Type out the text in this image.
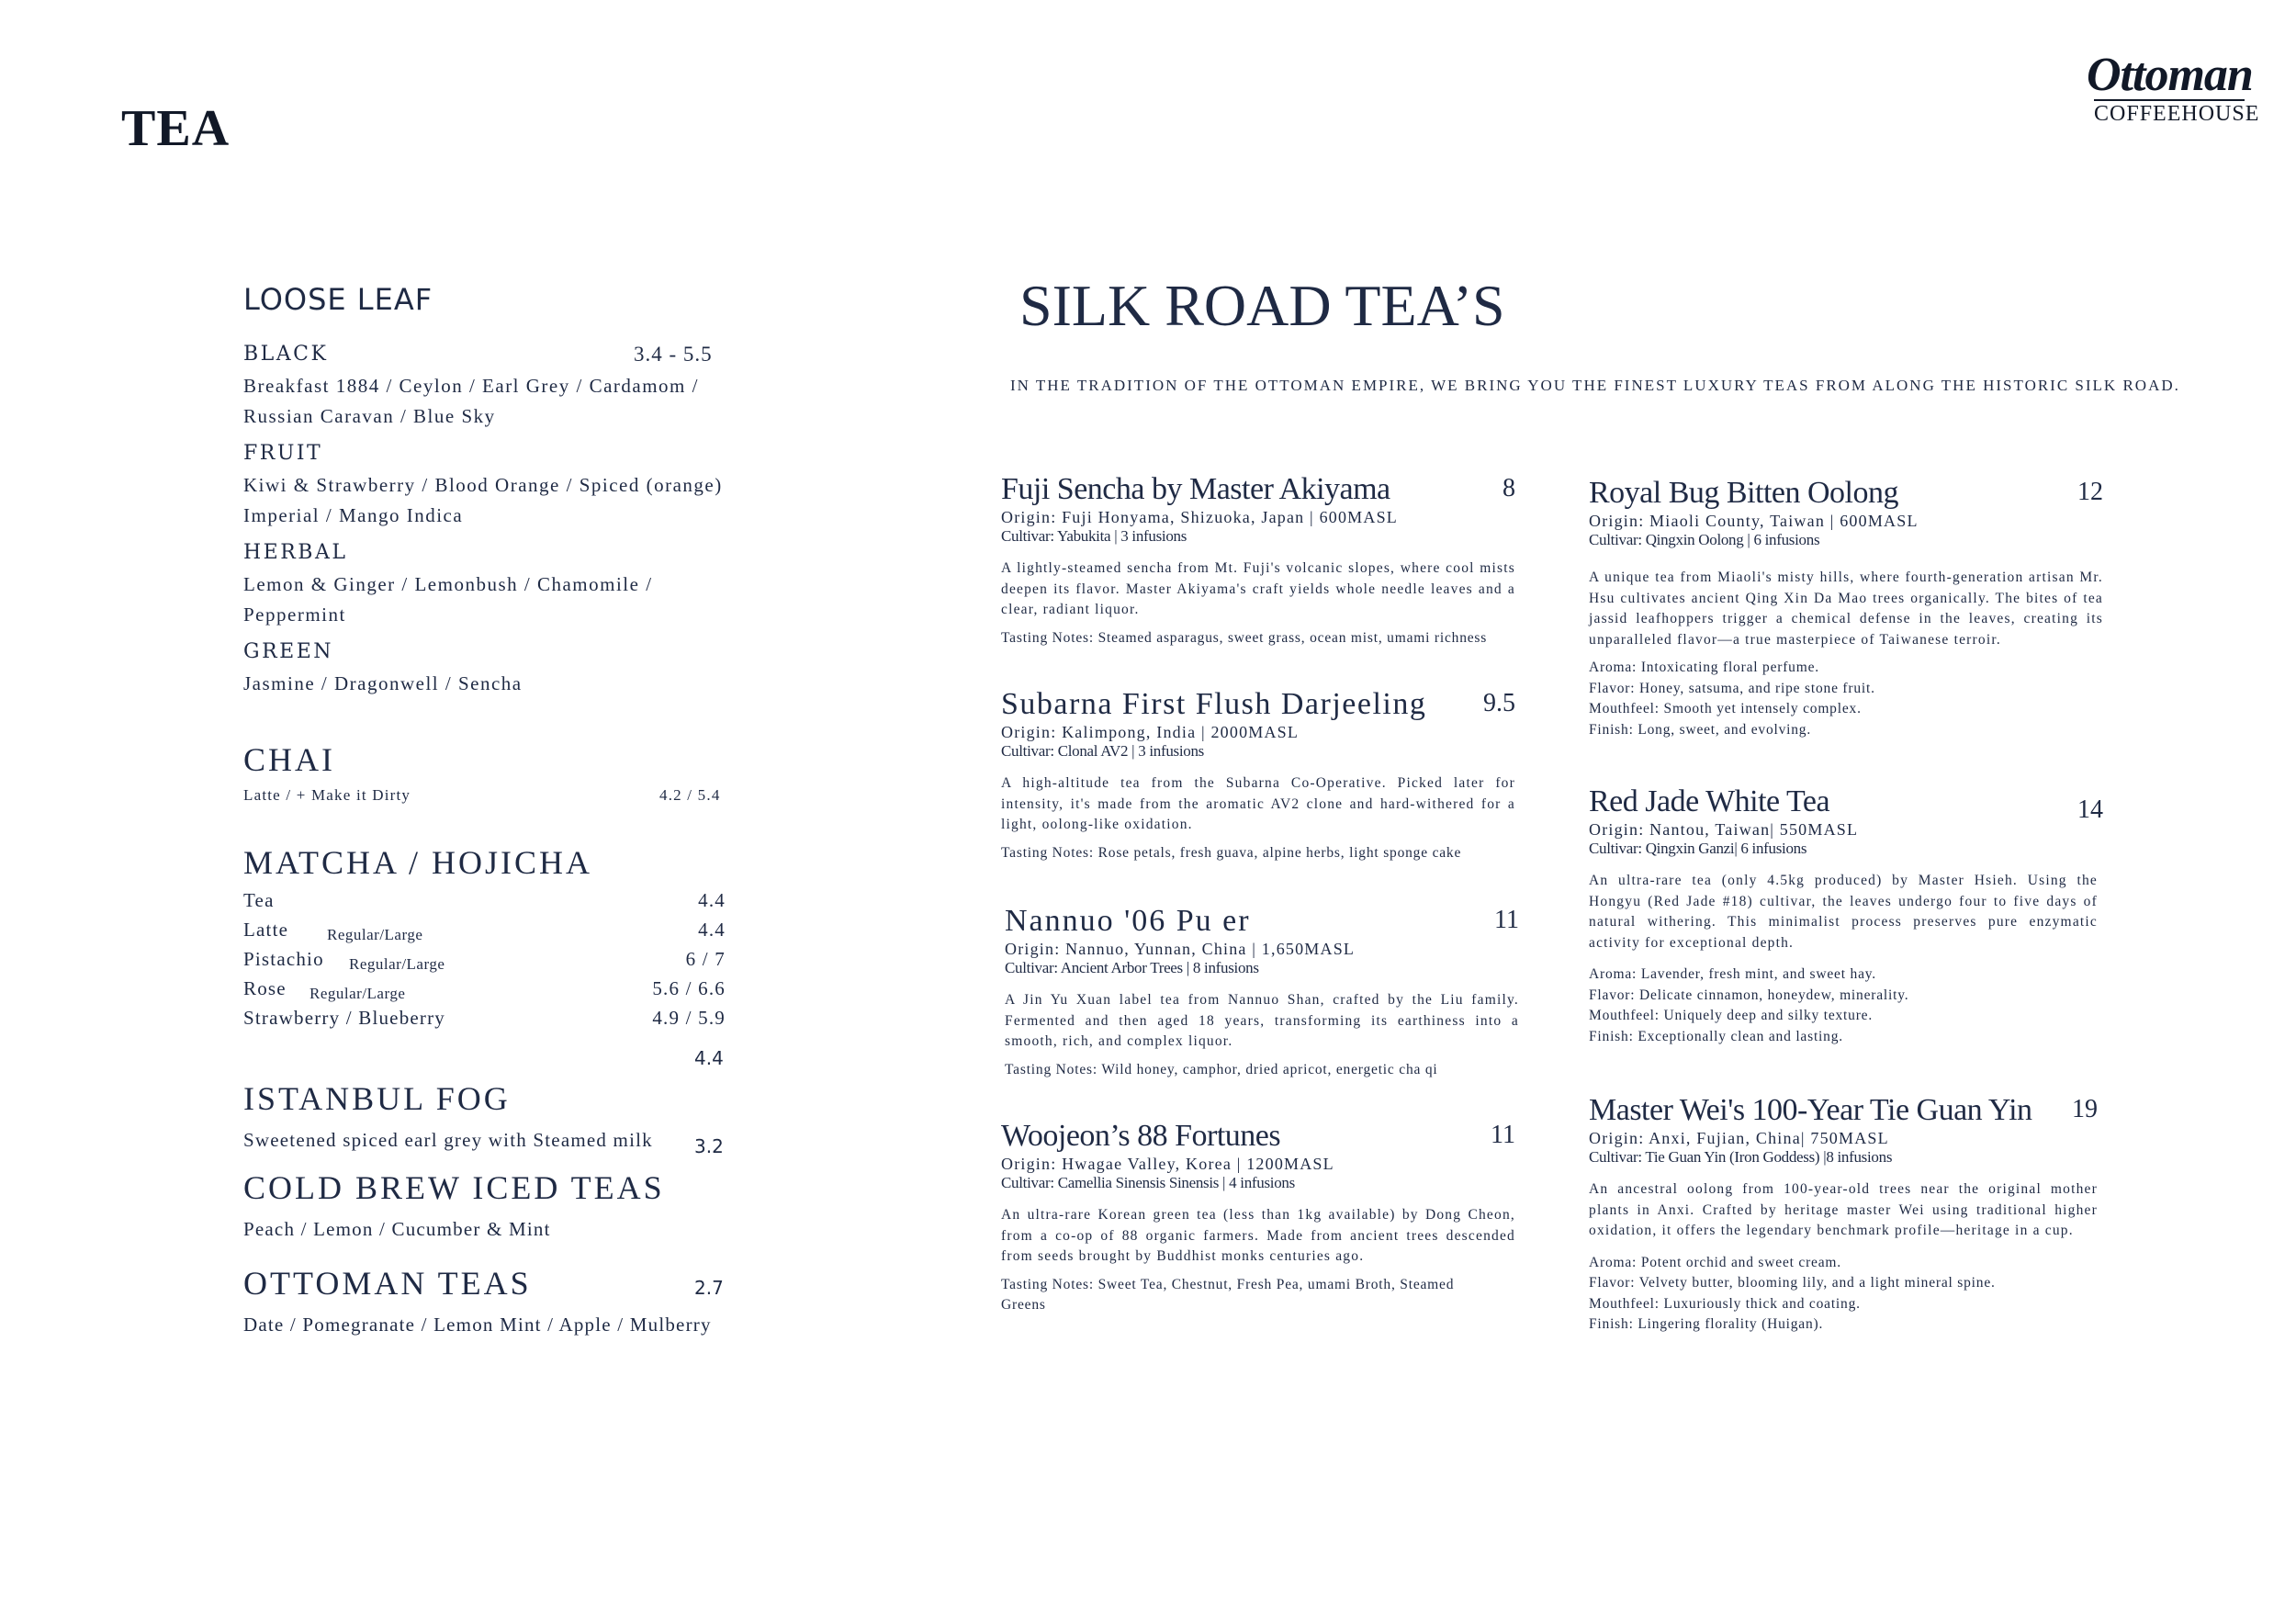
TEA
Ottoman
COFFEEHOUSE
LOOSE LEAF
BLACK	3.4 - 5.5
Breakfast 1884 / Ceylon / Earl Grey / Cardamom / Russian Caravan / Blue Sky
FRUIT
Kiwi & Strawberry / Blood Orange / Spiced (orange) Imperial / Mango Indica
HERBAL
Lemon & Ginger / Lemonbush / Chamomile / Peppermint
GREEN
Jasmine / Dragonwell / Sencha
CHAI
Latte / + Make it Dirty	4.2 / 5.4
MATCHA / HOJICHA
Tea	4.4
Latte Regular/Large	4.4
Pistachio Regular/Large	6 / 7
Rose Regular/Large	5.6 / 6.6
Strawberry / Blueberry	4.9 / 5.9
4.4
ISTANBUL FOG
Sweetened spiced earl grey with Steamed milk 3.2
COLD BREW ICED TEAS
Peach / Lemon / Cucumber & Mint
OTTOMAN TEAS	2.7
Date / Pomegranate / Lemon Mint / Apple / Mulberry
SILK ROAD TEA’S
IN THE TRADITION OF THE OTTOMAN EMPIRE, WE BRING YOU THE FINEST LUXURY TEAS FROM ALONG THE HISTORIC SILK ROAD.
Fuji Sencha by Master Akiyama	8
Origin: Fuji Honyama, Shizuoka, Japan | 600MASL
Cultivar: Yabukita | 3 infusions
A lightly-steamed sencha from Mt. Fuji's volcanic slopes, where cool mists deepen its flavor. Master Akiyama's craft yields whole needle leaves and a clear, radiant liquor.
Tasting Notes: Steamed asparagus, sweet grass, ocean mist, umami richness
Subarna First Flush Darjeeling	9.5
Origin: Kalimpong, India | 2000MASL
Cultivar: Clonal AV2 | 3 infusions
A high-altitude tea from the Subarna Co-Operative. Picked later for intensity, it's made from the aromatic AV2 clone and hard-withered for a light, oolong-like oxidation.
Tasting Notes: Rose petals, fresh guava, alpine herbs, light sponge cake
Nannuo '06 Pu er	11
Origin: Nannuo, Yunnan, China | 1,650MASL
Cultivar: Ancient Arbor Trees | 8 infusions
A Jin Yu Xuan label tea from Nannuo Shan, crafted by the Liu family. Fermented and then aged 18 years, transforming its earthiness into a smooth, rich, and complex liquor.
Tasting Notes: Wild honey, camphor, dried apricot, energetic cha qi
Woojeon’s 88 Fortunes	11
Origin: Hwagae Valley, Korea | 1200MASL
Cultivar: Camellia Sinensis Sinensis | 4 infusions
An ultra-rare Korean green tea (less than 1kg available) by Dong Cheon, from a co-op of 88 organic farmers. Made from ancient trees descended from seeds brought by Buddhist monks centuries ago.
Tasting Notes: Sweet Tea, Chestnut, Fresh Pea, umami Broth, Steamed
Greens
Royal Bug Bitten Oolong	12
Origin: Miaoli County, Taiwan | 600MASL
Cultivar: Qingxin Oolong | 6 infusions
A unique tea from Miaoli's misty hills, where fourth-generation artisan Mr. Hsu cultivates ancient Qing Xin Da Mao trees organically. The bites of tea jassid leafhoppers trigger a chemical defense in the leaves, creating its unparalleled flavor—a true masterpiece of Taiwanese terroir.
Aroma: Intoxicating floral perfume.
Flavor: Honey, satsuma, and ripe stone fruit.
Mouthfeel: Smooth yet intensely complex.
Finish: Long, sweet, and evolving.
Red Jade White Tea	14
Origin: Nantou, Taiwan| 550MASL
Cultivar: Qingxin Ganzi| 6 infusions
An ultra-rare tea (only 4.5kg produced) by Master Hsieh. Using the Hongyu (Red Jade #18) cultivar, the leaves undergo four to five days of natural withering. This minimalist process preserves pure enzymatic activity for exceptional depth.
Aroma: Lavender, fresh mint, and sweet hay.
Flavor: Delicate cinnamon, honeydew, minerality.
Mouthfeel: Uniquely deep and silky texture.
Finish: Exceptionally clean and lasting.
Master Wei's 100-Year Tie Guan Yin	19
Origin: Anxi, Fujian, China| 750MASL
Cultivar: Tie Guan Yin (Iron Goddess) |8 infusions
An ancestral oolong from 100-year-old trees near the original mother plants in Anxi. Crafted by heritage master Wei using traditional higher oxidation, it offers the legendary benchmark profile—heritage in a cup.
Aroma: Potent orchid and sweet cream.
Flavor: Velvety butter, blooming lily, and a light mineral spine.
Mouthfeel: Luxuriously thick and coating.
Finish: Lingering florality (Huigan).
